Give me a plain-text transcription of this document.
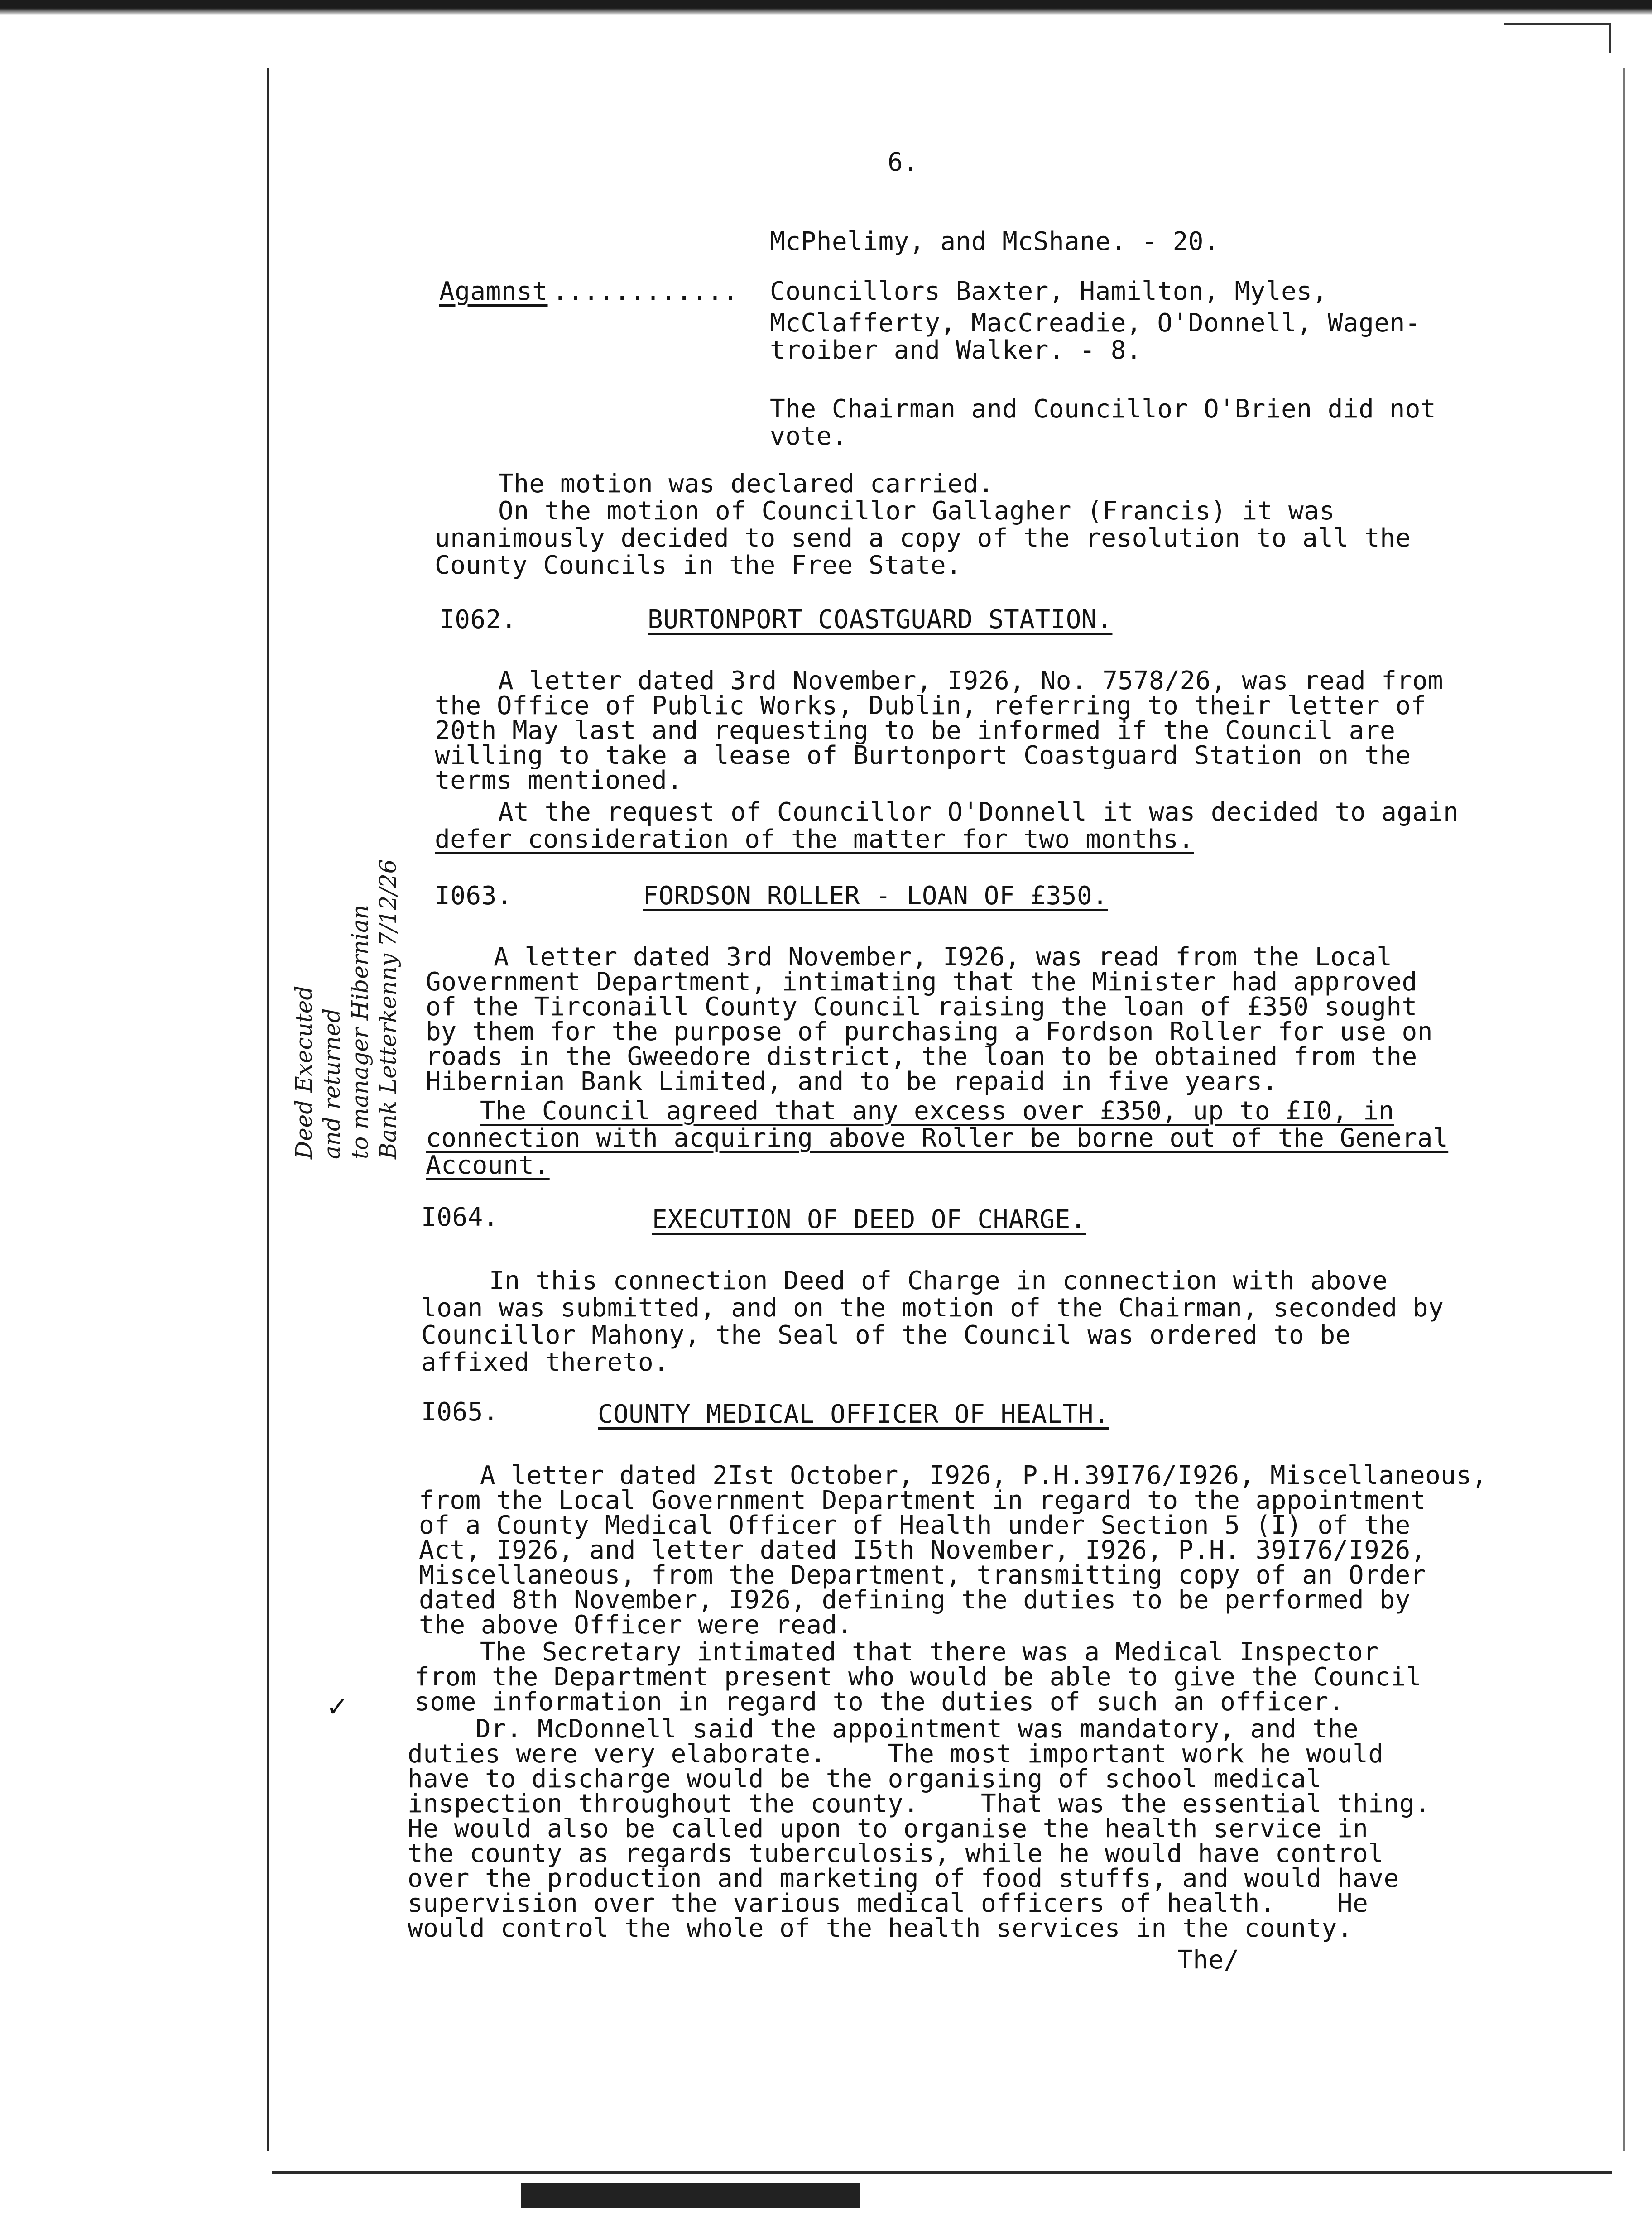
6.
McPhelimy, and McShane. - 20.
Agamnst ............ Councillors Baxter, Hamilton, Myles,
McClafferty, MacCreadie, O'Donnell, Wagen-
troiber and Walker. - 8.
The Chairman and Councillor O'Brien did not
vote.
The motion was declared carried.
On the motion of Councillor Gallagher (Francis) it was
unanimously decided to send a copy of the resolution to all the
County Councils in the Free State.
I062.	BURTONPORT COASTGUARD STATION.
A letter dated 3rd November, I926, No. 7578/26, was read from
the Office of Public Works, Dublin, referring to their letter of
20th May last and requesting to be informed if the Council are
willing to take a lease of Burtonport Coastguard Station on the
terms mentioned.
At the request of Councillor O'Donnell it was decided to again
defer consideration of the matter for two months.
I063.	FORDSON ROLLER - LOAN OF £350.
A letter dated 3rd November, I926, was read from the Local
Government Department, intimating that the Minister had approved
of the Tirconaill County Council raising the loan of £350 sought
by them for the purpose of purchasing a Fordson Roller for use on
roads in the Gweedore district, the loan to be obtained from the
Hibernian Bank Limited, and to be repaid in five years.
The Council agreed that any excess over £350, up to £I0, in
connection with acquiring above Roller be borne out of the General
Account.
I064.	EXECUTION OF DEED OF CHARGE.
In this connection Deed of Charge in connection with above
loan was submitted, and on the motion of the Chairman, seconded by
Councillor Mahony, the Seal of the Council was ordered to be
affixed thereto.
I065.	COUNTY MEDICAL OFFICER OF HEALTH.
A letter dated 2Ist October, I926, P.H.39I76/I926, Miscellaneous,
from the Local Government Department in regard to the appointment
of a County Medical Officer of Health under Section 5 (I) of the
Act, I926, and letter dated I5th November, I926, P.H. 39I76/I926,
Miscellaneous, from the Department, transmitting copy of an Order
dated 8th November, I926, defining the duties to be performed by
the above Officer were read.
The Secretary intimated that there was a Medical Inspector
from the Department present who would be able to give the Council
some information in regard to the duties of such an officer.
Dr. McDonnell said the appointment was mandatory, and the
duties were very elaborate.    The most important work he would
have to discharge would be the organising of school medical
inspection throughout the county.    That was the essential thing.
He would also be called upon to organise the health service in
the county as regards tuberculosis, while he would have control
over the production and marketing of food stuffs, and would have
supervision over the various medical officers of health.    He
would control the whole of the health services in the county.
The/
Deed Executed
and returned
to manager Hibernian
Bank Letterkenny 7/12/26
✓
